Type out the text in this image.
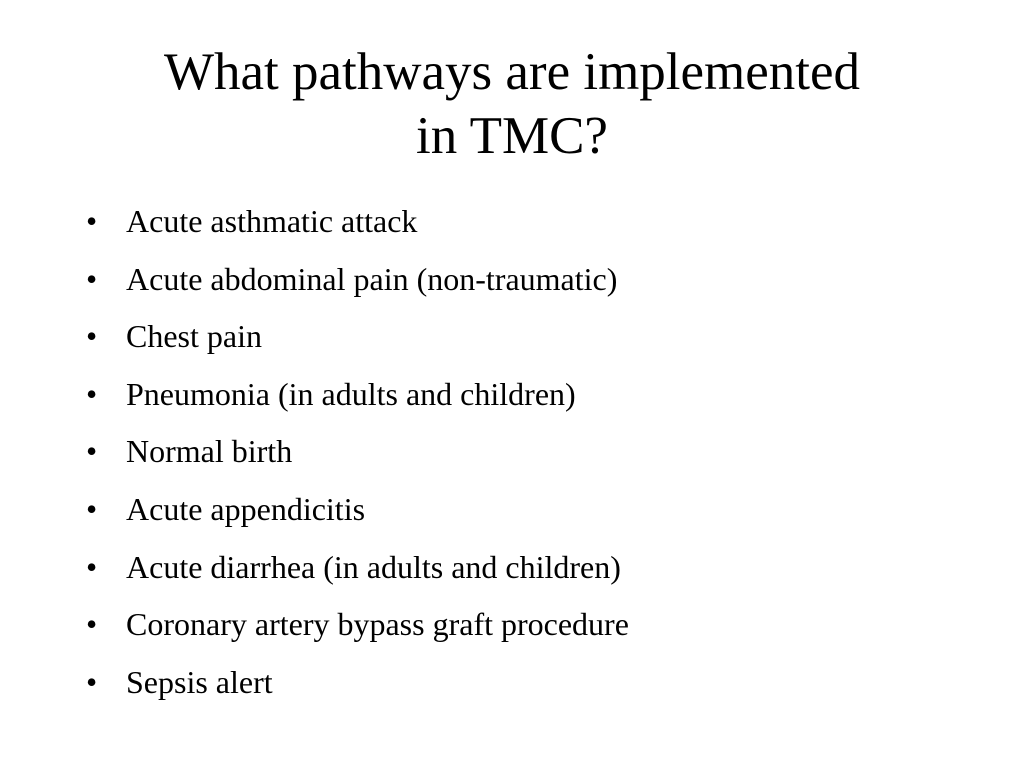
What pathways are implemented
in TMC?
• Acute asthmatic attack
• Acute abdominal pain (non-traumatic)
• Chest pain
• Pneumonia (in adults and children)
• Normal birth
• Acute appendicitis
• Acute diarrhea (in adults and children)
• Coronary artery bypass graft procedure
• Sepsis alert
